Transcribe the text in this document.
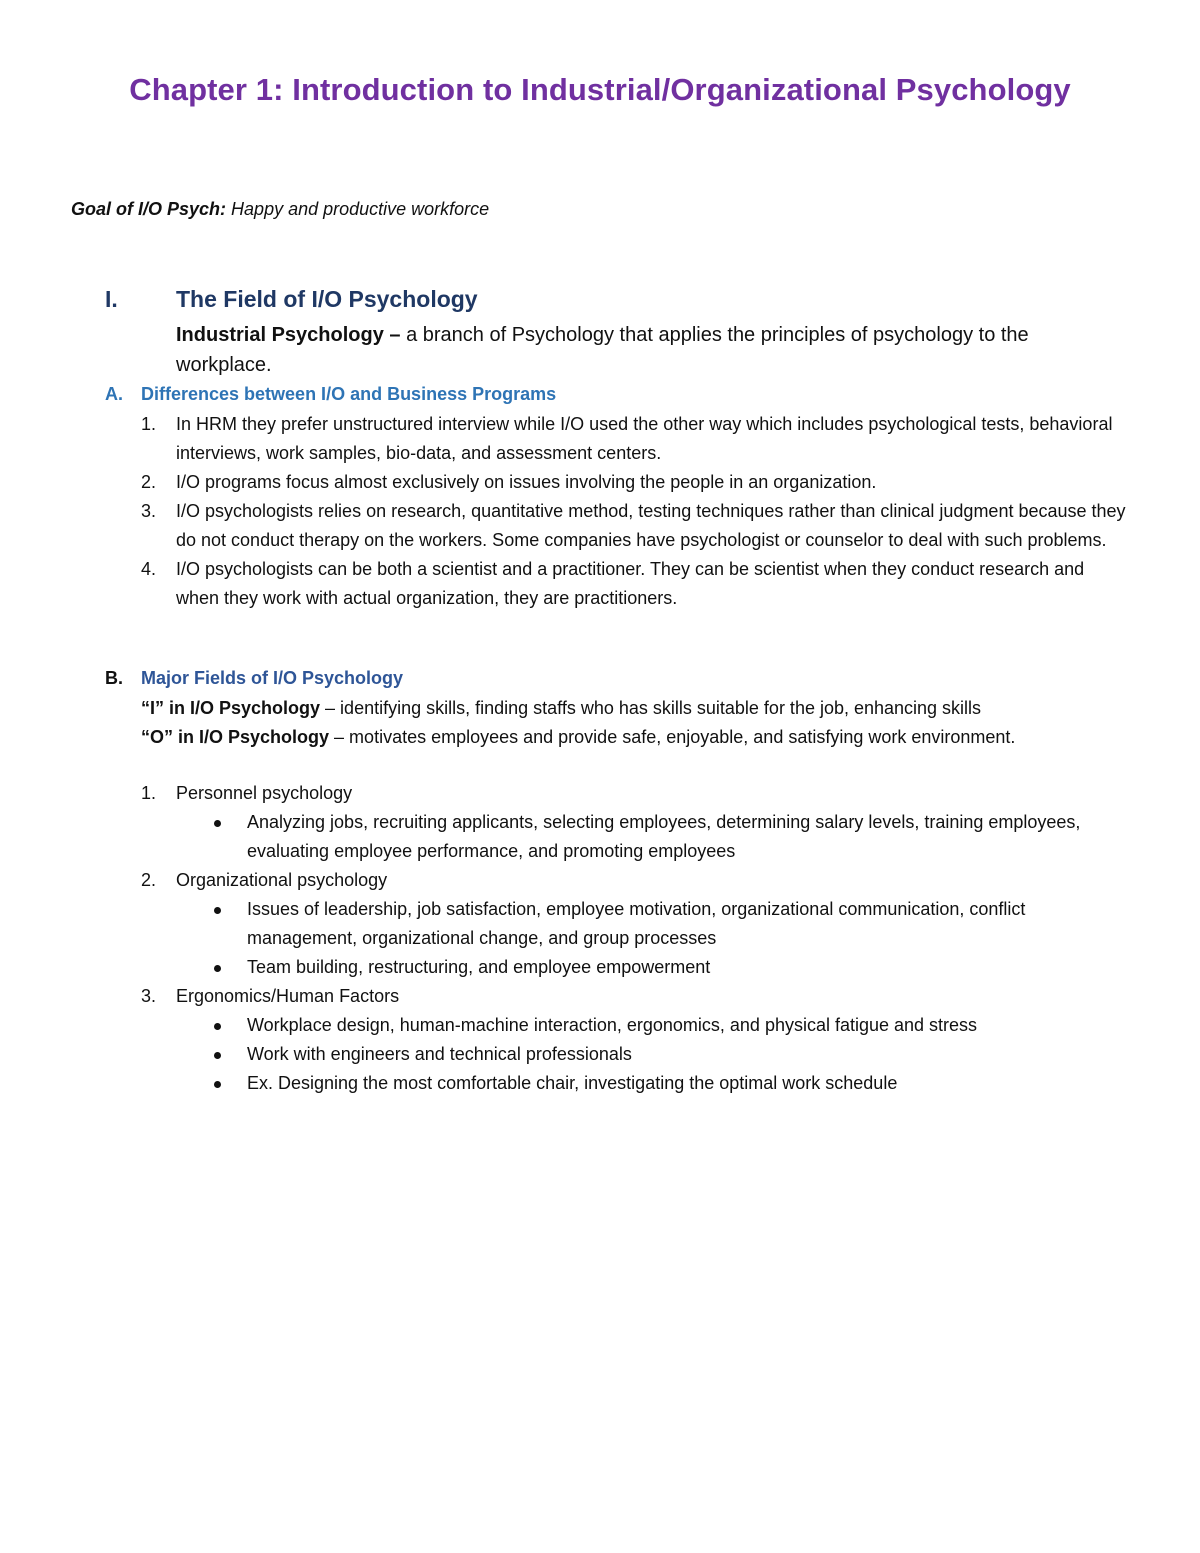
Chapter 1: Introduction to Industrial/Organizational Psychology
Goal of I/O Psych: Happy and productive workforce
I.	The Field of I/O Psychology
Industrial Psychology – a branch of Psychology that applies the principles of psychology to the workplace.
A. Differences between I/O and Business Programs
1. In HRM they prefer unstructured interview while I/O used the other way which includes psychological tests, behavioral interviews, work samples, bio-data, and assessment centers.
2. I/O programs focus almost exclusively on issues involving the people in an organization.
3. I/O psychologists relies on research, quantitative method, testing techniques rather than clinical judgment because they do not conduct therapy on the workers. Some companies have psychologist or counselor to deal with such problems.
4. I/O psychologists can be both a scientist and a practitioner. They can be scientist when they conduct research and when they work with actual organization, they are practitioners.
B. Major Fields of I/O Psychology
“I” in I/O Psychology – identifying skills, finding staffs who has skills suitable for the job, enhancing skills
“O” in I/O Psychology – motivates employees and provide safe, enjoyable, and satisfying work environment.
1. Personnel psychology
Analyzing jobs, recruiting applicants, selecting employees, determining salary levels, training employees, evaluating employee performance, and promoting employees
2. Organizational psychology
Issues of leadership, job satisfaction, employee motivation, organizational communication, conflict management, organizational change, and group processes
Team building, restructuring, and employee empowerment
3. Ergonomics/Human Factors
Workplace design, human-machine interaction, ergonomics, and physical fatigue and stress
Work with engineers and technical professionals
Ex. Designing the most comfortable chair, investigating the optimal work schedule
